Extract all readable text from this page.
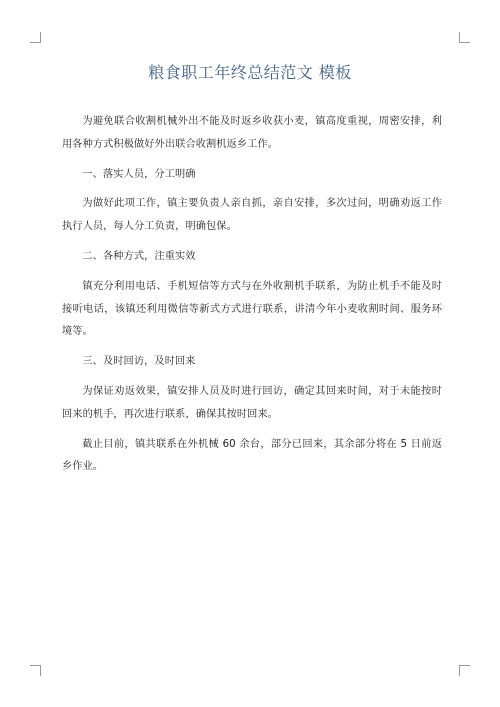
粮食职工年终总结范文 模板

为避免联合收割机械外出不能及时返乡收获小麦，镇高度重视，周密安排，利用各种方式积极做好外出联合收割机返乡工作。

一、落实人员，分工明确

为做好此项工作，镇主要负责人亲自抓，亲自安排，多次过问，明确劝返工作执行人员，每人分工负责，明确包保。

二、各种方式，注重实效

镇充分利用电话、手机短信等方式与在外收割机手联系，为防止机手不能及时接听电话，该镇还利用微信等新式方式进行联系，讲清今年小麦收割时间、服务环境等。

三、及时回访，及时回来

为保证劝返效果，镇安排人员及时进行回访，确定其回来时间，对于未能按时回来的机手，再次进行联系，确保其按时回来。

截止目前，镇共联系在外机械 60 余台，部分已回来，其余部分将在 5 日前返乡作业。
